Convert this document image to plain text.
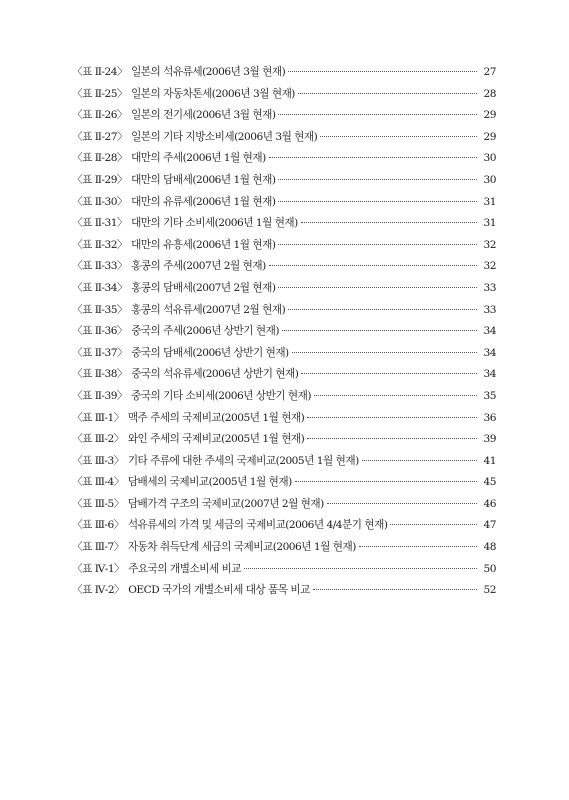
〈표 Ⅱ-24〉 일본의 석유류세(2006년 3월 현재)	27
〈표 Ⅱ-25〉 일본의 자동차톤세(2006년 3월 현재)	28
〈표 Ⅱ-26〉 일본의 전기세(2006년 3월 현재)	29
〈표 Ⅱ-27〉 일본의 기타 지방소비세(2006년 3월 현재)	29
〈표 Ⅱ-28〉 대만의 주세(2006년 1월 현재)	30
〈표 Ⅱ-29〉 대만의 담배세(2006년 1월 현재)	30
〈표 Ⅱ-30〉 대만의 유류세(2006년 1월 현재)	31
〈표 Ⅱ-31〉 대만의 기타 소비세(2006년 1월 현재)	31
〈표 Ⅱ-32〉 대만의 유흥세(2006년 1월 현재)	32
〈표 Ⅱ-33〉 홍콩의 주세(2007년 2월 현재)	32
〈표 Ⅱ-34〉 홍콩의 담배세(2007년 2월 현재)	33
〈표 Ⅱ-35〉 홍콩의 석유류세(2007년 2월 현재)	33
〈표 Ⅱ-36〉 중국의 주세(2006년 상반기 현재)	34
〈표 Ⅱ-37〉 중국의 담배세(2006년 상반기 현재)	34
〈표 Ⅱ-38〉 중국의 석유류세(2006년 상반기 현재)	34
〈표 Ⅱ-39〉 중국의 기타 소비세(2006년 상반기 현재)	35
〈표 Ⅲ-1〉 맥주 주세의 국제비교(2005년 1월 현재)	36
〈표 Ⅲ-2〉 와인 주세의 국제비교(2005년 1월 현재)	39
〈표 Ⅲ-3〉 기타 주류에 대한 주세의 국제비교(2005년 1월 현재)	41
〈표 Ⅲ-4〉 담배세의 국제비교(2005년 1월 현재)	45
〈표 Ⅲ-5〉 담배가격 구조의 국제비교(2007년 2월 현재)	46
〈표 Ⅲ-6〉 석유류세의 가격 및 세금의 국제비교(2006년 4/4분기 현재)	47
〈표 Ⅲ-7〉 자동차 취득단계 세금의 국제비교(2006년 1월 현재)	48
〈표 Ⅳ-1〉 주요국의 개별소비세 비교	50
〈표 Ⅳ-2〉 OECD 국가의 개별소비세 대상 품목 비교	52
